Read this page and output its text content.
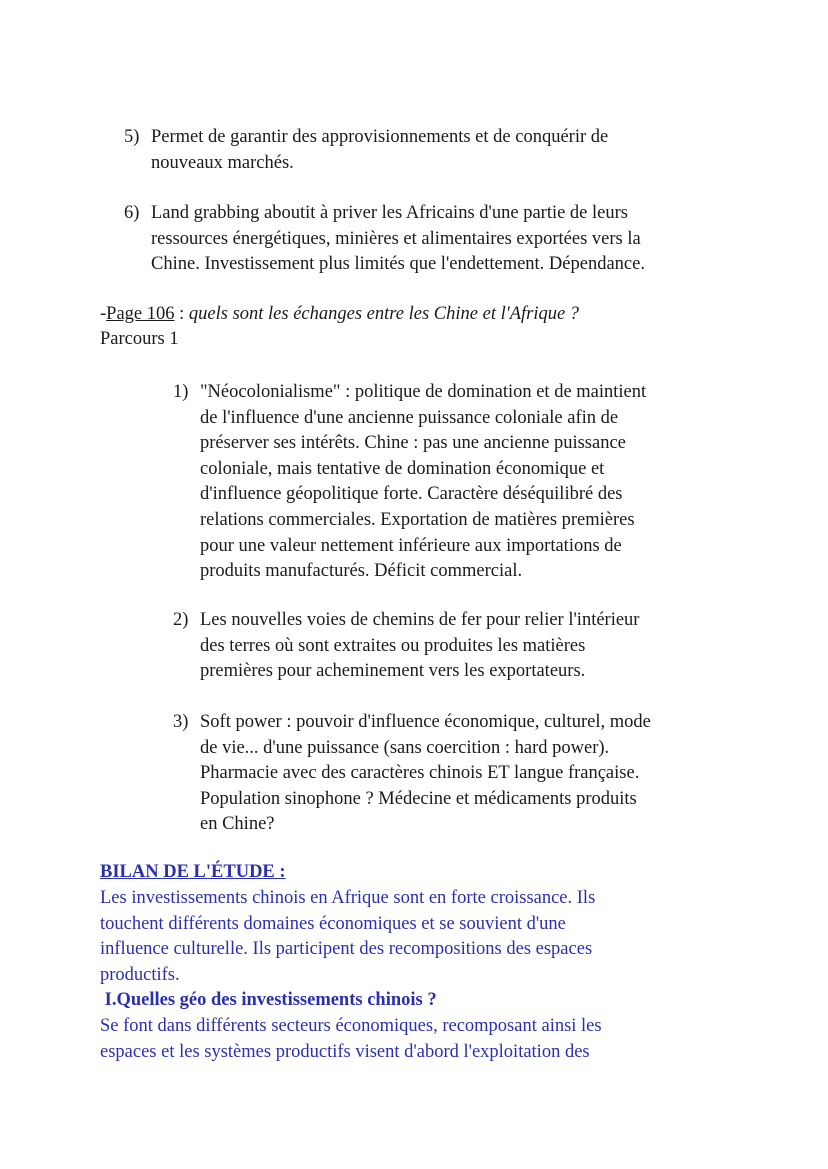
5) Permet de garantir des approvisionnements et de conquérir de
nouveaux marchés.
6) Land grabbing aboutit à priver les Africains d'une partie de leurs
ressources énergétiques, minières et alimentaires exportées vers la
Chine. Investissement plus limités que l'endettement. Dépendance.
-Page 106 : quels sont les échanges entre les Chine et l'Afrique ?
Parcours 1
1) "Néocolonialisme" : politique de domination et de maintient
de l'influence d'une ancienne puissance coloniale afin de
préserver ses intérêts. Chine : pas une ancienne puissance
coloniale, mais tentative de domination économique et
d'influence géopolitique forte. Caractère déséquilibré des
relations commerciales. Exportation de matières premières
pour une valeur nettement inférieure aux importations de
produits manufacturés. Déficit commercial.
2) Les nouvelles voies de chemins de fer pour relier l'intérieur
des terres où sont extraites ou produites les matières
premières pour acheminement vers les exportateurs.
3) Soft power : pouvoir d'influence économique, culturel, mode
de vie... d'une puissance (sans coercition : hard power).
Pharmacie avec des caractères chinois ET langue française.
Population sinophone ? Médecine et médicaments produits
en Chine?
BILAN DE L'ÉTUDE :
Les investissements chinois en Afrique sont en forte croissance. Ils
touchent différents domaines économiques et se souvient d'une
influence culturelle. Ils participent des recompositions des espaces
productifs.
I.Quelles géo des investissements chinois ?
Se font dans différents secteurs économiques, recomposant ainsi les
espaces et les systèmes productifs visent d'abord l'exploitation des
